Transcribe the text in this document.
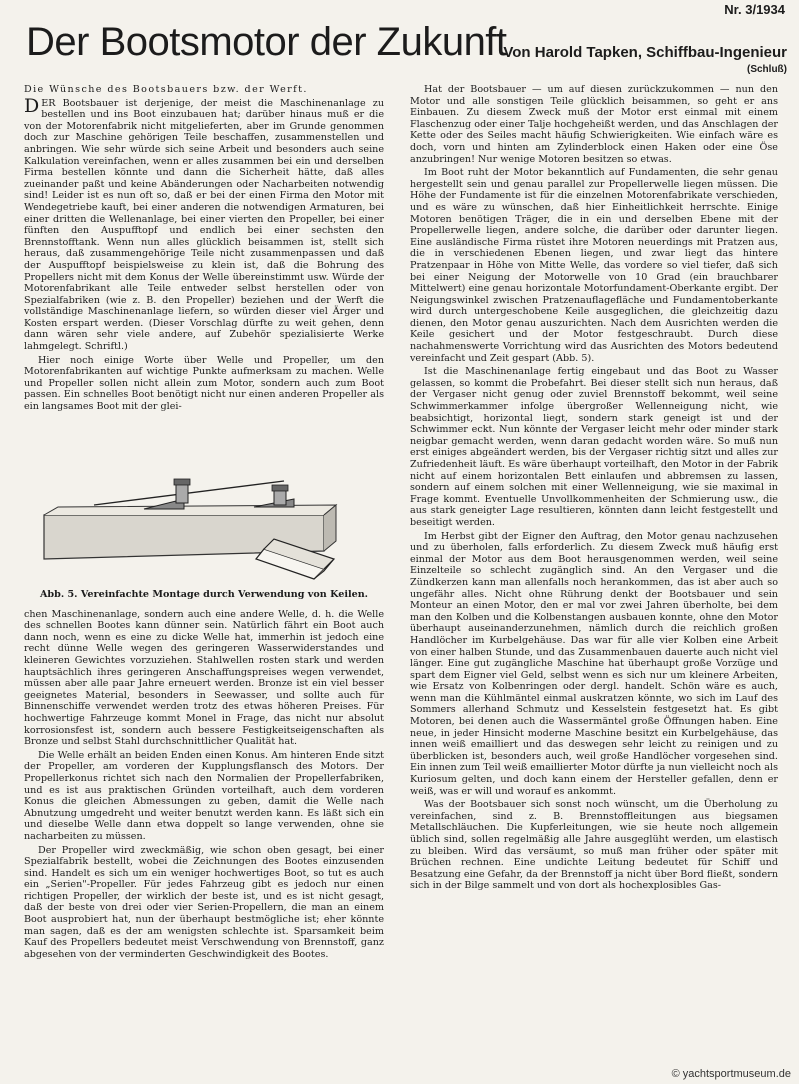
Nr. 3/1934
Der Bootsmotor der Zukunft
Von Harold Tapken, Schiffbau-Ingenieur
(Schluß)

Die Wünsche des Bootsbauers bzw. der Werft.

DER Bootsbauer ist derjenige, der meist die Maschinenanlage zu bestellen und ins Boot einzubauen hat; darüber hinaus muß er die von der Motorenfabrik nicht mitgelieferten, aber im Grunde genommen doch zur Maschine gehörigen Teile beschaffen, zusammenstellen und anbringen. Wie sehr würde sich seine Arbeit und besonders auch seine Kalkulation vereinfachen, wenn er alles zusammen bei ein und derselben Firma bestellen könnte und dann die Sicherheit hätte, daß alles zueinander paßt und keine Abänderungen oder Nacharbeiten notwendig sind! Leider ist es nun oft so, daß er bei der einen Firma den Motor mit Wendegetriebe kauft, bei einer anderen die notwendigen Armaturen, bei einer dritten die Wellenanlage, bei einer vierten den Propeller, bei einer fünften den Auspufftopf und endlich bei einer sechsten den Brennstofftank. Wenn nun alles glücklich beisammen ist, stellt sich heraus, daß zusammengehörige Teile nicht zusammenpassen und daß der Auspufftopf beispielsweise zu klein ist, daß die Bohrung des Propellers nicht mit dem Konus der Welle übereinstimmt usw. Würde der Motorenfabrikant alle Teile entweder selbst herstellen oder von Spezialfabriken (wie z. B. den Propeller) beziehen und der Werft die vollständige Maschinenanlage liefern, so würden dieser viel Ärger und Kosten erspart werden. (Dieser Vorschlag dürfte zu weit gehen, denn dann wären sehr viele andere, auf Zubehör spezialisierte Werke lahmgelegt. Schriftl.)

Hier noch einige Worte über Welle und Propeller, um den Motorenfabrikanten auf wichtige Punkte aufmerksam zu machen. Welle und Propeller sollen nicht allein zum Motor, sondern auch zum Boot passen. Ein schnelles Boot benötigt nicht nur einen anderen Propeller als ein langsames Boot mit der glei-

Abb. 5. Vereinfachte Montage durch Verwendung von Keilen.

chen Maschinenanlage, sondern auch eine andere Welle, d. h. die Welle des schnellen Bootes kann dünner sein. Natürlich fährt ein Boot auch dann noch, wenn es eine zu dicke Welle hat, immerhin ist jedoch eine recht dünne Welle wegen des geringeren Wasserwiderstandes und kleineren Gewichtes vorzuziehen. Stahlwellen rosten stark und werden hauptsächlich ihres geringeren Anschaffungspreises wegen verwendet, müssen aber alle paar Jahre erneuert werden. Bronze ist ein viel besser geeignetes Material, besonders in Seewasser, und sollte auch für Binnenschiffe verwendet werden trotz des etwas höheren Preises. Für hochwertige Fahrzeuge kommt Monel in Frage, das nicht nur absolut korrosionsfest ist, sondern auch bessere Festigkeitseigenschaften als Bronze und selbst Stahl durchschnittlicher Qualität hat.

Die Welle erhält an beiden Enden einen Konus. Am hinteren Ende sitzt der Propeller, am vorderen der Kupplungsflansch des Motors. Der Propellerkonus richtet sich nach den Normalien der Propellerfabriken, und es ist aus praktischen Gründen vorteilhaft, auch dem vorderen Konus die gleichen Abmessungen zu geben, damit die Welle nach Abnutzung umgedreht und weiter benutzt werden kann. Es läßt sich ein und dieselbe Welle dann etwa doppelt so lange verwenden, ohne sie nacharbeiten zu müssen.

Der Propeller wird zweckmäßig, wie schon oben gesagt, bei einer Spezialfabrik bestellt, wobei die Zeichnungen des Bootes einzusenden sind. Handelt es sich um ein weniger hochwertiges Boot, so tut es auch ein „Serien"-Propeller. Für jedes Fahrzeug gibt es jedoch nur einen richtigen Propeller, der wirklich der beste ist, und es ist nicht gesagt, daß der beste von drei oder vier Serien-Propellern, die man an einem Boot ausprobiert hat, nun der überhaupt bestmögliche ist; eher könnte man sagen, daß es der am wenigsten schlechte ist. Sparsamkeit beim Kauf des Propellers bedeutet meist Verschwendung von Brennstoff, ganz abgesehen von der verminderten Geschwindigkeit des Bootes.

Hat der Bootsbauer — um auf diesen zurückzukommen — nun den Motor und alle sonstigen Teile glücklich beisammen, so geht er ans Einbauen. Zu diesem Zweck muß der Motor erst einmal mit einem Flaschenzug oder einer Talje hochgeheißt werden, und das Anschlagen der Kette oder des Seiles macht häufig Schwierigkeiten. Wie einfach wäre es doch, vorn und hinten am Zylinderblock einen Haken oder eine Öse anzubringen! Nur wenige Motoren besitzen so etwas.

Im Boot ruht der Motor bekanntlich auf Fundamenten, die sehr genau hergestellt sein und genau parallel zur Propellerwelle liegen müssen. Die Höhe der Fundamente ist für die einzelnen Motorenfabrikate verschieden, und es wäre zu wünschen, daß hier Einheitlichkeit herrschte. Einige Motoren benötigen Träger, die in ein und derselben Ebene mit der Propellerwelle liegen, andere solche, die darüber oder darunter liegen. Eine ausländische Firma rüstet ihre Motoren neuerdings mit Pratzen aus, die in verschiedenen Ebenen liegen, und zwar liegt das hintere Pratzenpaar in Höhe von Mitte Welle, das vordere so viel tiefer, daß sich bei einer Neigung der Motorwelle von 10 Grad (ein brauchbarer Mittelwert) eine genau horizontale Motorfundament-Oberkante ergibt. Der Neigungswinkel zwischen Pratzenauflagefläche und Fundamentoberkante wird durch untergeschobene Keile ausgeglichen, die gleichzeitig dazu dienen, den Motor genau auszurichten. Nach dem Ausrichten werden die Keile gesichert und der Motor festgeschraubt. Durch diese nachahmenswerte Vorrichtung wird das Ausrichten des Motors bedeutend vereinfacht und Zeit gespart (Abb. 5).

Ist die Maschinenanlage fertig eingebaut und das Boot zu Wasser gelassen, so kommt die Probefahrt. Bei dieser stellt sich nun heraus, daß der Vergaser nicht genug oder zuviel Brennstoff bekommt, weil seine Schwimmerkammer infolge übergroßer Wellenneigung nicht, wie beabsichtigt, horizontal liegt, sondern stark geneigt ist und der Schwimmer eckt. Nun könnte der Vergaser leicht mehr oder minder stark neigbar gemacht werden, wenn daran gedacht worden wäre. So muß nun erst einiges abgeändert werden, bis der Vergaser richtig sitzt und alles zur Zufriedenheit läuft. Es wäre überhaupt vorteilhaft, den Motor in der Fabrik nicht auf einem horizontalen Bett einlaufen und abbremsen zu lassen, sondern auf einem solchen mit einer Wellenneigung, wie sie maximal in Frage kommt. Eventuelle Unvollkommenheiten der Schmierung usw., die aus stark geneigter Lage resultieren, könnten dann leicht festgestellt und beseitigt werden.

Im Herbst gibt der Eigner den Auftrag, den Motor genau nachzusehen und zu überholen, falls erforderlich. Zu diesem Zweck muß häufig erst einmal der Motor aus dem Boot herausgenommen werden, weil seine Einzelteile so schlecht zugänglich sind. An den Vergaser und die Zündkerzen kann man allenfalls noch herankommen, das ist aber auch so ungefähr alles. Nicht ohne Rührung denkt der Bootsbauer und sein Monteur an einen Motor, den er mal vor zwei Jahren überholte, bei dem man den Kolben und die Kolbenstangen ausbauen konnte, ohne den Motor überhaupt auseinanderzunehmen, nämlich durch die reichlich großen Handlöcher im Kurbelgehäuse. Das war für alle vier Kolben eine Arbeit von einer halben Stunde, und das Zusammenbauen dauerte auch nicht viel länger. Eine gut zugängliche Maschine hat überhaupt große Vorzüge und spart dem Eigner viel Geld, selbst wenn es sich nur um kleinere Arbeiten, wie Ersatz von Kolbenringen oder dergl. handelt. Schön wäre es auch, wenn man die Kühlmäntel einmal auskratzen könnte, wo sich im Lauf des Sommers allerhand Schmutz und Kesselstein festgesetzt hat. Es gibt Motoren, bei denen auch die Wassermäntel große Öffnungen haben. Eine neue, in jeder Hinsicht moderne Maschine besitzt ein Kurbelgehäuse, das innen weiß emailliert und das deswegen sehr leicht zu reinigen und zu überblicken ist, besonders auch, weil große Handlöcher vorgesehen sind. Ein innen zum Teil weiß emaillierter Motor dürfte ja nun vielleicht noch als Kuriosum gelten, und doch kann einem der Hersteller gefallen, denn er weiß, was er will und worauf es ankommt.

Was der Bootsbauer sich sonst noch wünscht, um die Überholung zu vereinfachen, sind z. B. Brennstoffleitungen aus biegsamen Metallschläuchen. Die Kupferleitungen, wie sie heute noch allgemein üblich sind, sollen regelmäßig alle Jahre ausgeglüht werden, um elastisch zu bleiben. Wird das versäumt, so muß man früher oder später mit Brüchen rechnen. Eine undichte Leitung bedeutet für Schiff und Besatzung eine Gefahr, da der Brennstoff ja nicht über Bord fließt, sondern sich in der Bilge sammelt und von dort als hochexplosibles Gas-

© yachtsportmuseum.de
